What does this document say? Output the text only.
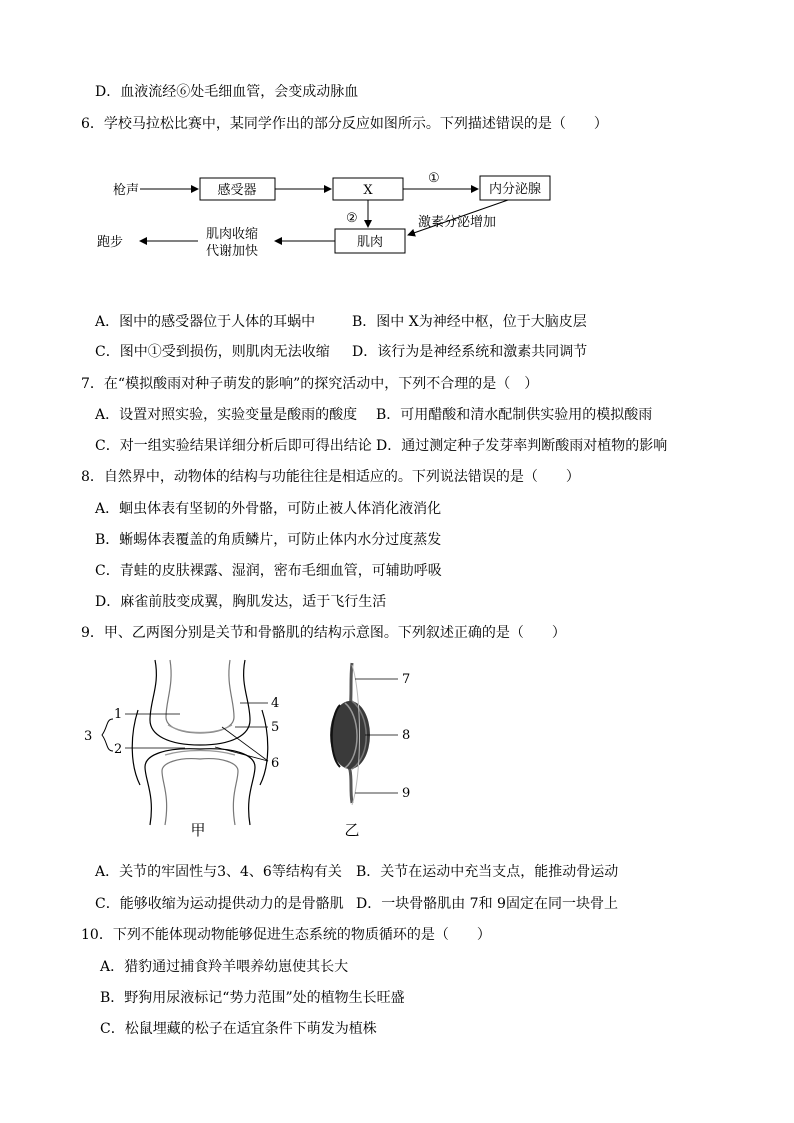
D．血液流经⑥处毛细血管，会变成动脉血
6．学校马拉松比赛中，某同学作出的部分反应如图所示。下列描述错误的是（　　）
枪声	感受器	X	内分泌腺
肌肉
跑步
肌肉收缩
代谢加快
激素分泌增加
①
②
A．图中的感受器位于人体的耳蜗中	B．图中 X为神经中枢，位于大脑皮层
C．图中①受到损伤，则肌肉无法收缩 D．该行为是神经系统和激素共同调节
7．在“模拟酸雨对种子萌发的影响”的探究活动中，下列不合理的是（　）
A．设置对照实验，实验变量是酸雨的酸度 B．可用醋酸和清水配制供实验用的模拟酸雨
C．对一组实验结果详细分析后即可得出结论 D．通过测定种子发芽率判断酸雨对植物的影响
8．自然界中，动物体的结构与功能往往是相适应的。下列说法错误的是（　　）
A．蛔虫体表有坚韧的外骨骼，可防止被人体消化液消化
B．蜥蜴体表覆盖的角质鳞片，可防止体内水分过度蒸发
C．青蛙的皮肤裸露、湿润，密布毛细血管，可辅助呼吸
D．麻雀前肢变成翼，胸肌发达，适于飞行生活
9．甲、乙两图分别是关节和骨骼肌的结构示意图。下列叙述正确的是（　　）
1
2
3
4
5
6
甲
7
8
9
乙
A．关节的牢固性与3、4、6等结构有关 B．关节在运动中充当支点，能推动骨运动
C．能够收缩为运动提供动力的是骨骼肌 D．一块骨骼肌由 7和 9固定在同一块骨上
10．下列不能体现动物能够促进生态系统的物质循环的是（　　）
A．猎豹通过捕食羚羊喂养幼崽使其长大
B．野狗用尿液标记“势力范围”处的植物生长旺盛
C．松鼠埋藏的松子在适宜条件下萌发为植株
